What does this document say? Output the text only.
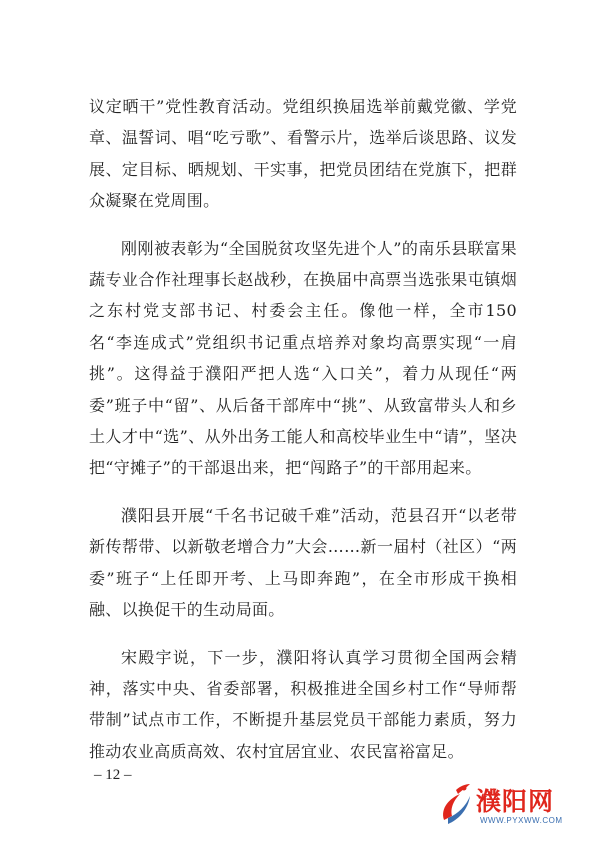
议定晒干”党性教育活动。党组织换届选举前戴党徽、学党章、温誓词、唱“吃亏歌”、看警示片，选举后谈思路、议发展、定目标、晒规划、干实事，把党员团结在党旗下，把群众凝聚在党周围。

刚刚被表彰为“全国脱贫攻坚先进个人”的南乐县联富果蔬专业合作社理事长赵战秒，在换届中高票当选张果屯镇烟之东村党支部书记、村委会主任。像他一样，全市150名“李连成式”党组织书记重点培养对象均高票实现“一肩挑”。这得益于濮阳严把人选“入口关”，着力从现任“两委”班子中“留”、从后备干部库中“挑”、从致富带头人和乡土人才中“选”、从外出务工能人和高校毕业生中“请”，坚决把“守摊子”的干部退出来，把“闯路子”的干部用起来。

濮阳县开展“千名书记破千难”活动，范县召开“以老带新传帮带、以新敬老增合力”大会……新一届村（社区）“两委”班子“上任即开考、上马即奔跑”，在全市形成干换相融、以换促干的生动局面。

宋殿宇说，下一步，濮阳将认真学习贯彻全国两会精神，落实中央、省委部署，积极推进全国乡村工作“导师帮带制”试点市工作，不断提升基层党员干部能力素质，努力推动农业高质高效、农村宜居宜业、农民富裕富足。

– 12 –
濮阳网
WWW.PYXWW.COM
